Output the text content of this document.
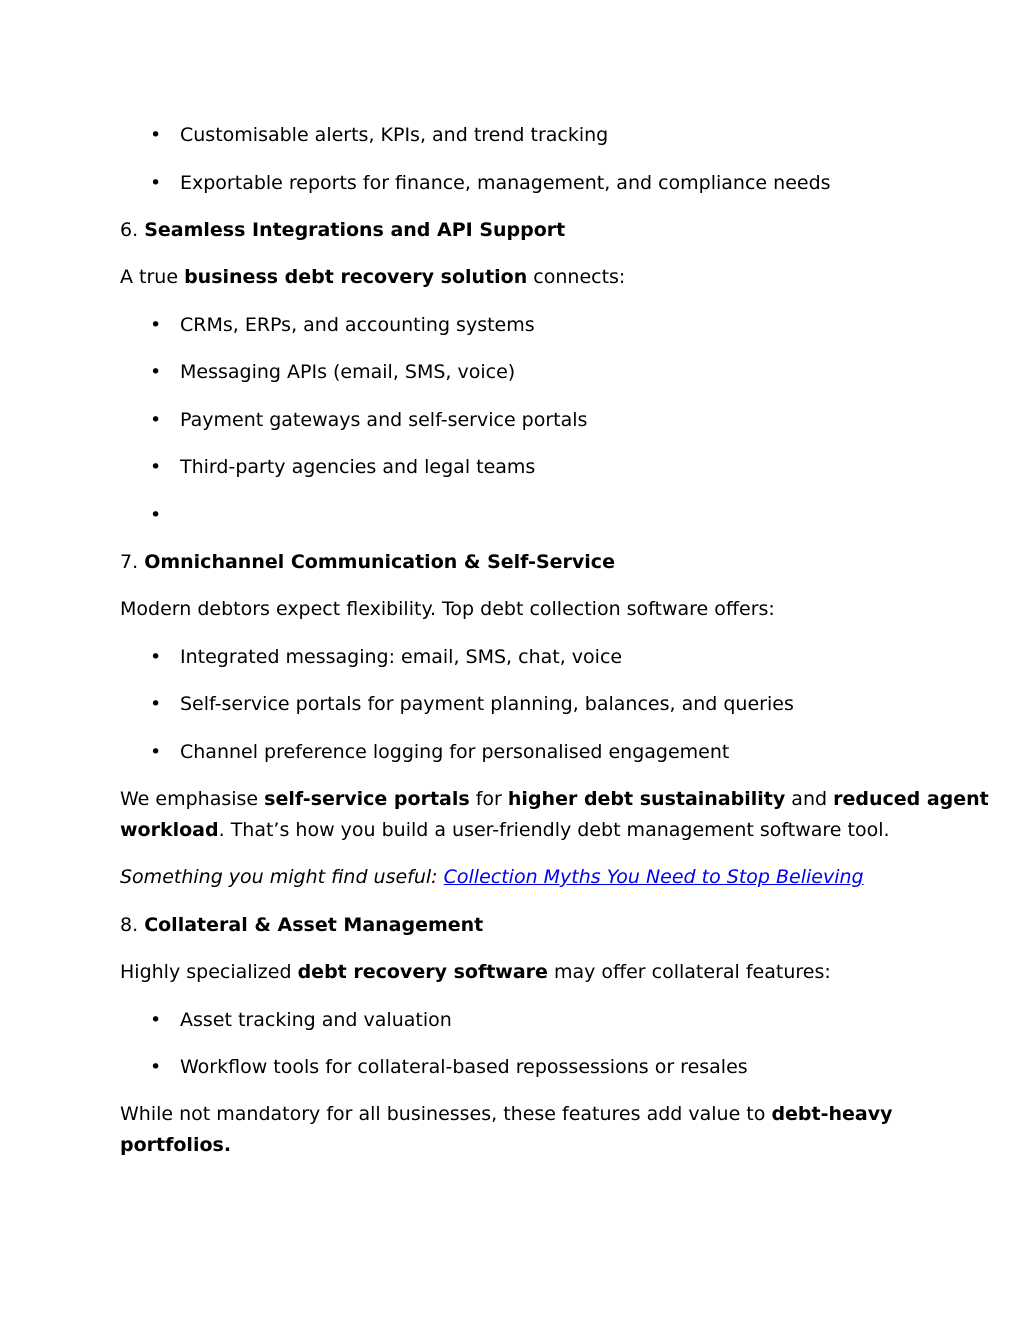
• Customisable alerts, KPIs, and trend tracking
• Exportable reports for finance, management, and compliance needs
6. Seamless Integrations and API Support
A true business debt recovery solution connects:
• CRMs, ERPs, and accounting systems
• Messaging APIs (email, SMS, voice)
• Payment gateways and self-service portals
• Third-party agencies and legal teams
•
7. Omnichannel Communication & Self-Service
Modern debtors expect flexibility. Top debt collection software offers:
• Integrated messaging: email, SMS, chat, voice
• Self-service portals for payment planning, balances, and queries
• Channel preference logging for personalised engagement
We emphasise self-service portals for higher debt sustainability and reduced agent
workload. That’s how you build a user-friendly debt management software tool.
Something you might find useful: Collection Myths You Need to Stop Believing
8. Collateral & Asset Management
Highly specialized debt recovery software may offer collateral features:
• Asset tracking and valuation
• Workflow tools for collateral-based repossessions or resales
While not mandatory for all businesses, these features add value to debt-heavy
portfolios.
